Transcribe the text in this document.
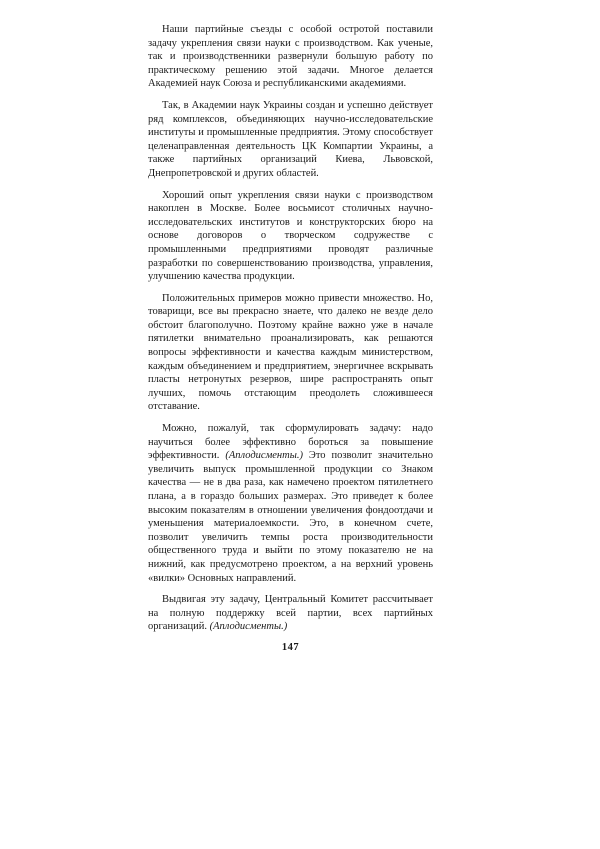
Наши партийные съезды с особой остротой поставили задачу укрепления связи науки с производством. Как ученые, так и производственники развернули большую работу по практическому решению этой задачи. Многое делается Академией наук Союза и республиканскими академиями.

Так, в Академии наук Украины создан и успешно действует ряд комплексов, объединяющих научно-исследовательские институты и промышленные предприятия. Этому способствует целенаправленная деятельность ЦК Компартии Украины, а также партийных организаций Киева, Львовской, Днепропетровской и других областей.

Хороший опыт укрепления связи науки с производством накоплен в Москве. Более восьмисот столичных научно-исследовательских институтов и конструкторских бюро на основе договоров о творческом содружестве с промышленными предприятиями проводят различные разработки по совершенствованию производства, управления, улучшению качества продукции.

Положительных примеров можно привести множество. Но, товарищи, все вы прекрасно знаете, что далеко не везде дело обстоит благополучно. Поэтому крайне важно уже в начале пятилетки внимательно проанализировать, как решаются вопросы эффективности и качества каждым министерством, каждым объединением и предприятием, энергичнее вскрывать пласты нетронутых резервов, шире распространять опыт лучших, помочь отстающим преодолеть сложившееся отставание.

Можно, пожалуй, так сформулировать задачу: надо научиться более эффективно бороться за повышение эффективности. (Аплодисменты.) Это позволит значительно увеличить выпуск промышленной продукции со Знаком качества — не в два раза, как намечено проектом пятилетнего плана, а в гораздо больших размерах. Это приведет к более высоким показателям в отношении увеличения фондоотдачи и уменьшения материалоемкости. Это, в конечном счете, позволит увеличить темпы роста производительности общественного труда и выйти по этому показателю не на нижний, как предусмотрено проектом, а на верхний уровень «вилки» Основных направлений.

Выдвигая эту задачу, Центральный Комитет рассчитывает на полную поддержку всей партии, всех партийных организаций. (Аплодисменты.)

147
